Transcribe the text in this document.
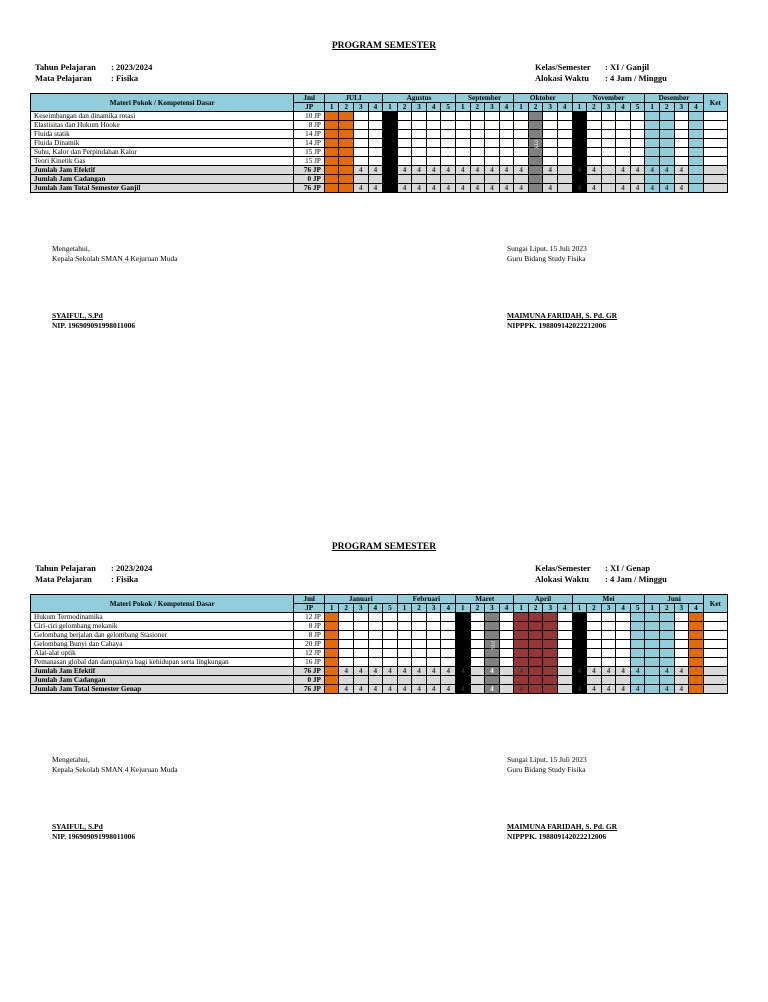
PROGRAM SEMESTER
Tahun Pelajaran : 2023/2024
Mata Pelajaran : Fisika
Kelas/Semester : XI / Ganjil
Alokasi Waktu : 4 Jam / Minggu
Materi Pokok / Kompetensi Dasar	Jml	JULI				Agustus					September				Oktober				November					Desember				Ket
	JP	1	2	3	4	1	2	3	4	5	1	2	3	4	1	2	3	4	1	2	3	4	5	1	2	3	4	
Keseimbangan dan dinamika rotasi	10 JP																											
Elastisitas dan Hukum Hooke	8 JP																											
Fluida statik	14 JP																											
Fluida Dinamik	14 JP																											
Suhu, Kalor dan Perpindahan Kalor	15 JP																											
Teori Kinetik Gas	15 JP																											
Jumlah Jam Efektif	76 JP			4	4		4	4	4	4	4	4	4	4	4		4		4	4		4	4	4	4	4		
Jumlah Jam Cadangan	0 JP																											
Jumlah Jam Total Semester Ganjil	76 JP			4	4		4	4	4	4	4	4	4	4	4		4		4	4		4	4	4	4	4		
Mengetahui,
Kepala Sekolah SMAN 4 Kejuruan Muda
SYAIFUL, S.Pd
NIP. 196909091998011006
Sungai Liput, 15 Juli 2023
Guru Bidang Study Fisika
MAIMUNA FARIDAH, S. Pd. GR
NIPPPK. 198809142022212006
PROGRAM SEMESTER
Tahun Pelajaran : 2023/2024
Mata Pelajaran : Fisika
Kelas/Semester : XI / Genap
Alokasi Waktu : 4 Jam / Minggu
Materi Pokok / Kompetensi Dasar	Jml	Januari					Februari				Maret				April				Mei					Juni				Ket
	JP	1	2	3	4	5	1	2	3	4	1	2	3	4	1	2	3	4	1	2	3	4	5	1	2	3	4	
Hukum Termodinamika	12 JP																											
Ciri-ciri gelombang mekanik	8 JP																											
Gelombang berjalan dan gelombang Stasioner	8 JP																											
Gelombang Bunyi dan Cahaya	20 JP																											
Alat-alat optik	12 JP																											
Pemanasan global dan dampaknya bagi kehidupan serta lingkungan	16 JP																											
Jumlah Jam Efektif	76 JP		4	4	4	4	4	4	4	4	4		4		4				4	4	4	4	4		4	4		
Jumlah Jam Cadangan	0 JP																											
Jumlah Jam Total Semester Genap	76 JP		4	4	4	4	4	4	4	4	4		4		4				4	4	4	4	4		4	4		
Mengetahui,
Kepala Sekolah SMAN 4 Kejuruan Muda
SYAIFUL, S.Pd
NIP. 196909091998011006
Sungai Liput, 15 Juli 2023
Guru Bidang Study Fisika
MAIMUNA FARIDAH, S. Pd. GR
NIPPPK. 198809142022212006
PTS
PTS
